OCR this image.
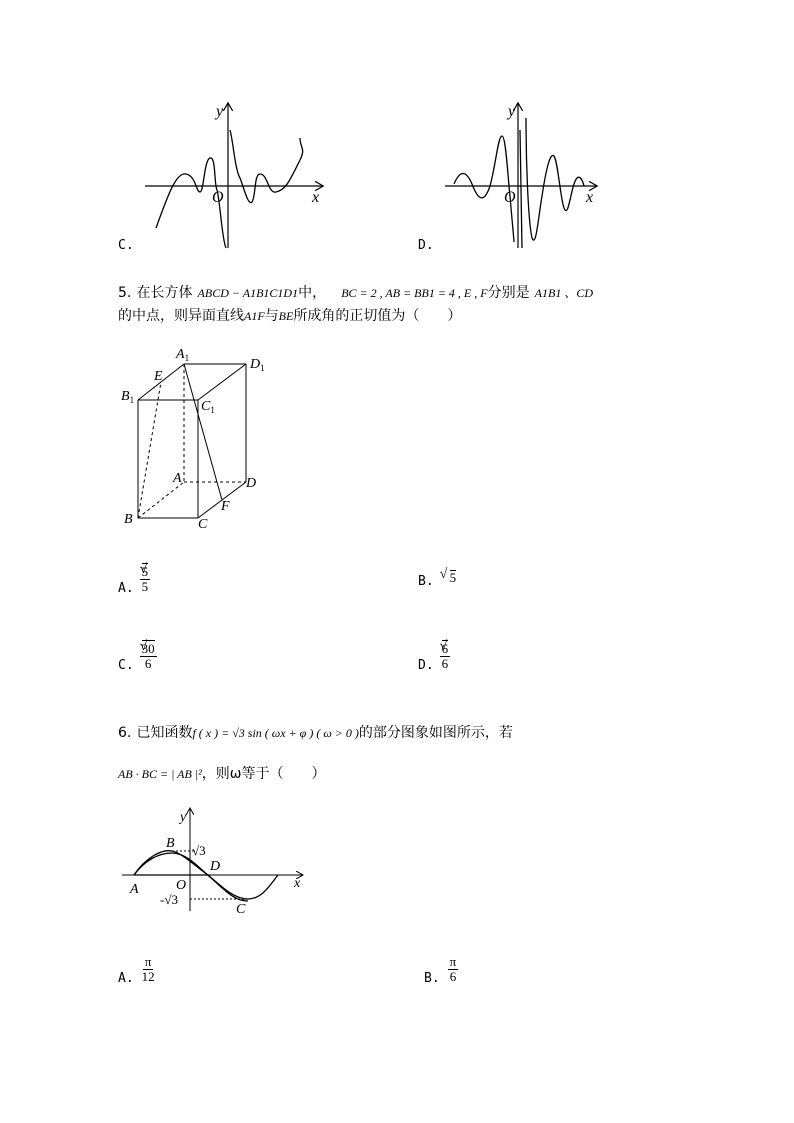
y
x
O
C.
y
x
O
D.
5. 在长方体 ABCD − A1B1C1D1中， BC = 2 , AB = BB1 = 4 , E , F分别是 A1B1 、CD
的中点，则异面直线A1F与BE所成角的正切值为（　　）
$A_1$	$D_1$
$B_1$	$C_1$
E
A	D
B	C
F
A. √ $\frac{5}{5}$	B. √ 5
C. √ $\frac{30}{6}$	D. √ $\frac{6}{6}$
6. 已知函数f ( x ) = √3 sin ( ωx + φ ) ( ω > 0 )的部分图象如图所示，若
AB · BC = | AB |²，则ω等于（　　）
y
x
O
A
B
C
D
√3
-√3
A. $\frac{\pi}{12}$	B. $\frac{\pi}{6}$
